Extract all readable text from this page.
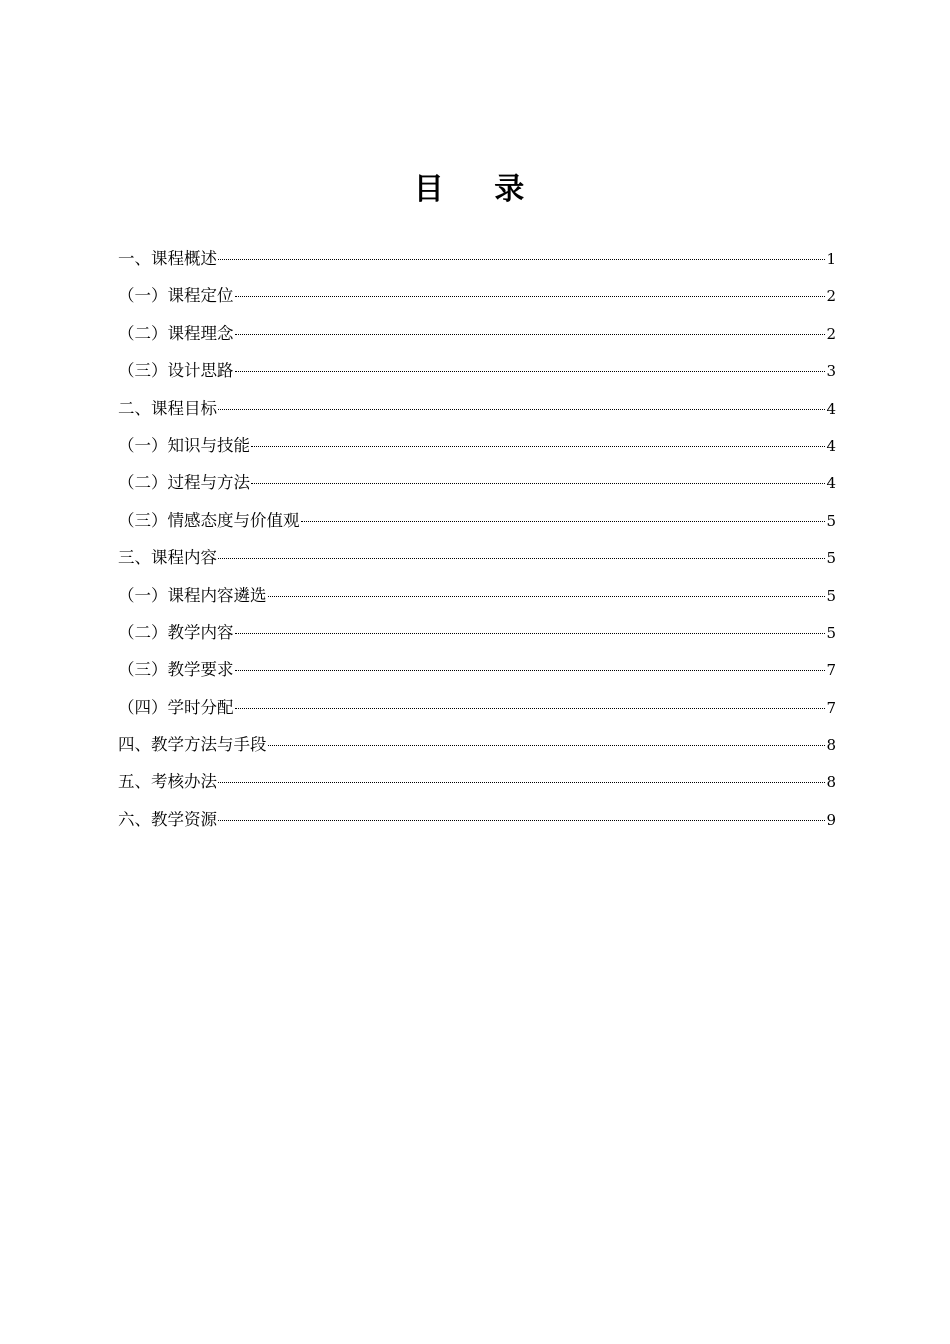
目 录
一、课程概述	1
（一）课程定位	2
（二）课程理念	2
（三）设计思路	3
二、课程目标	4
（一）知识与技能	4
（二）过程与方法	4
（三）情感态度与价值观	5
三、课程内容	5
（一）课程内容遴选	5
（二）教学内容	5
（三）教学要求	7
（四）学时分配	7
四、教学方法与手段	8
五、考核办法	8
六、教学资源	9
